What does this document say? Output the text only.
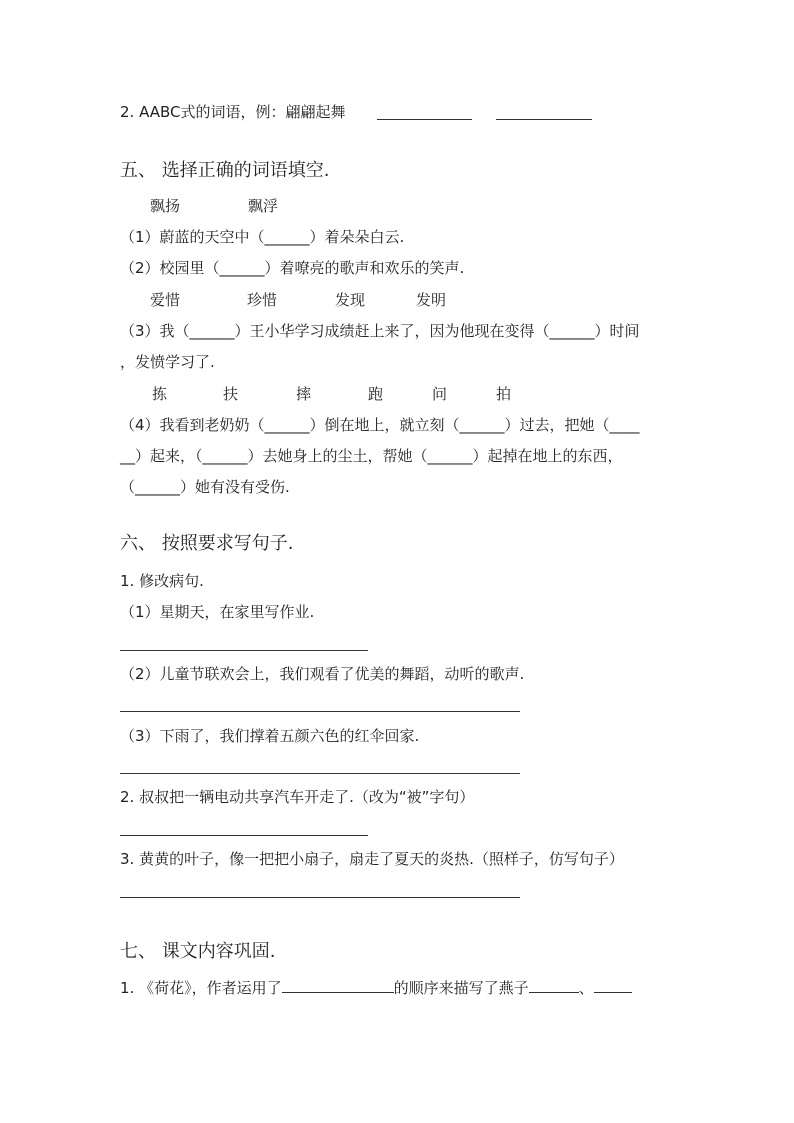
2. AABC式的词语，例：翩翩起舞
五、 选择正确的词语填空.
飘扬	飘浮
（1）蔚蓝的天空中（______）着朵朵白云.
（2）校园里（______）着嘹亮的歌声和欢乐的笑声.
爱惜	珍惜	发现	发明
（3）我（______）王小华学习成绩赶上来了，因为他现在变得（______）时间
，发愤学习了.
拣	扶	摔	跑	问	拍
（4）我看到老奶奶（______）倒在地上，就立刻（______）过去，把她（____
__）起来，（______）去她身上的尘土，帮她（______）起掉在地上的东西，
（______）她有没有受伤.
六、 按照要求写句子.
1. 修改病句.
（1）星期天，在家里写作业.
（2）儿童节联欢会上，我们观看了优美的舞蹈，动听的歌声.
（3）下雨了，我们撑着五颜六色的红伞回家.
2. 叔叔把一辆电动共享汽车开走了.（改为“被”字句）
3. 黄黄的叶子，像一把把小扇子，扇走了夏天的炎热.（照样子，仿写句子）
七、 课文内容巩固.
1. 《荷花》，作者运用了	的顺序来描写了燕子	、
